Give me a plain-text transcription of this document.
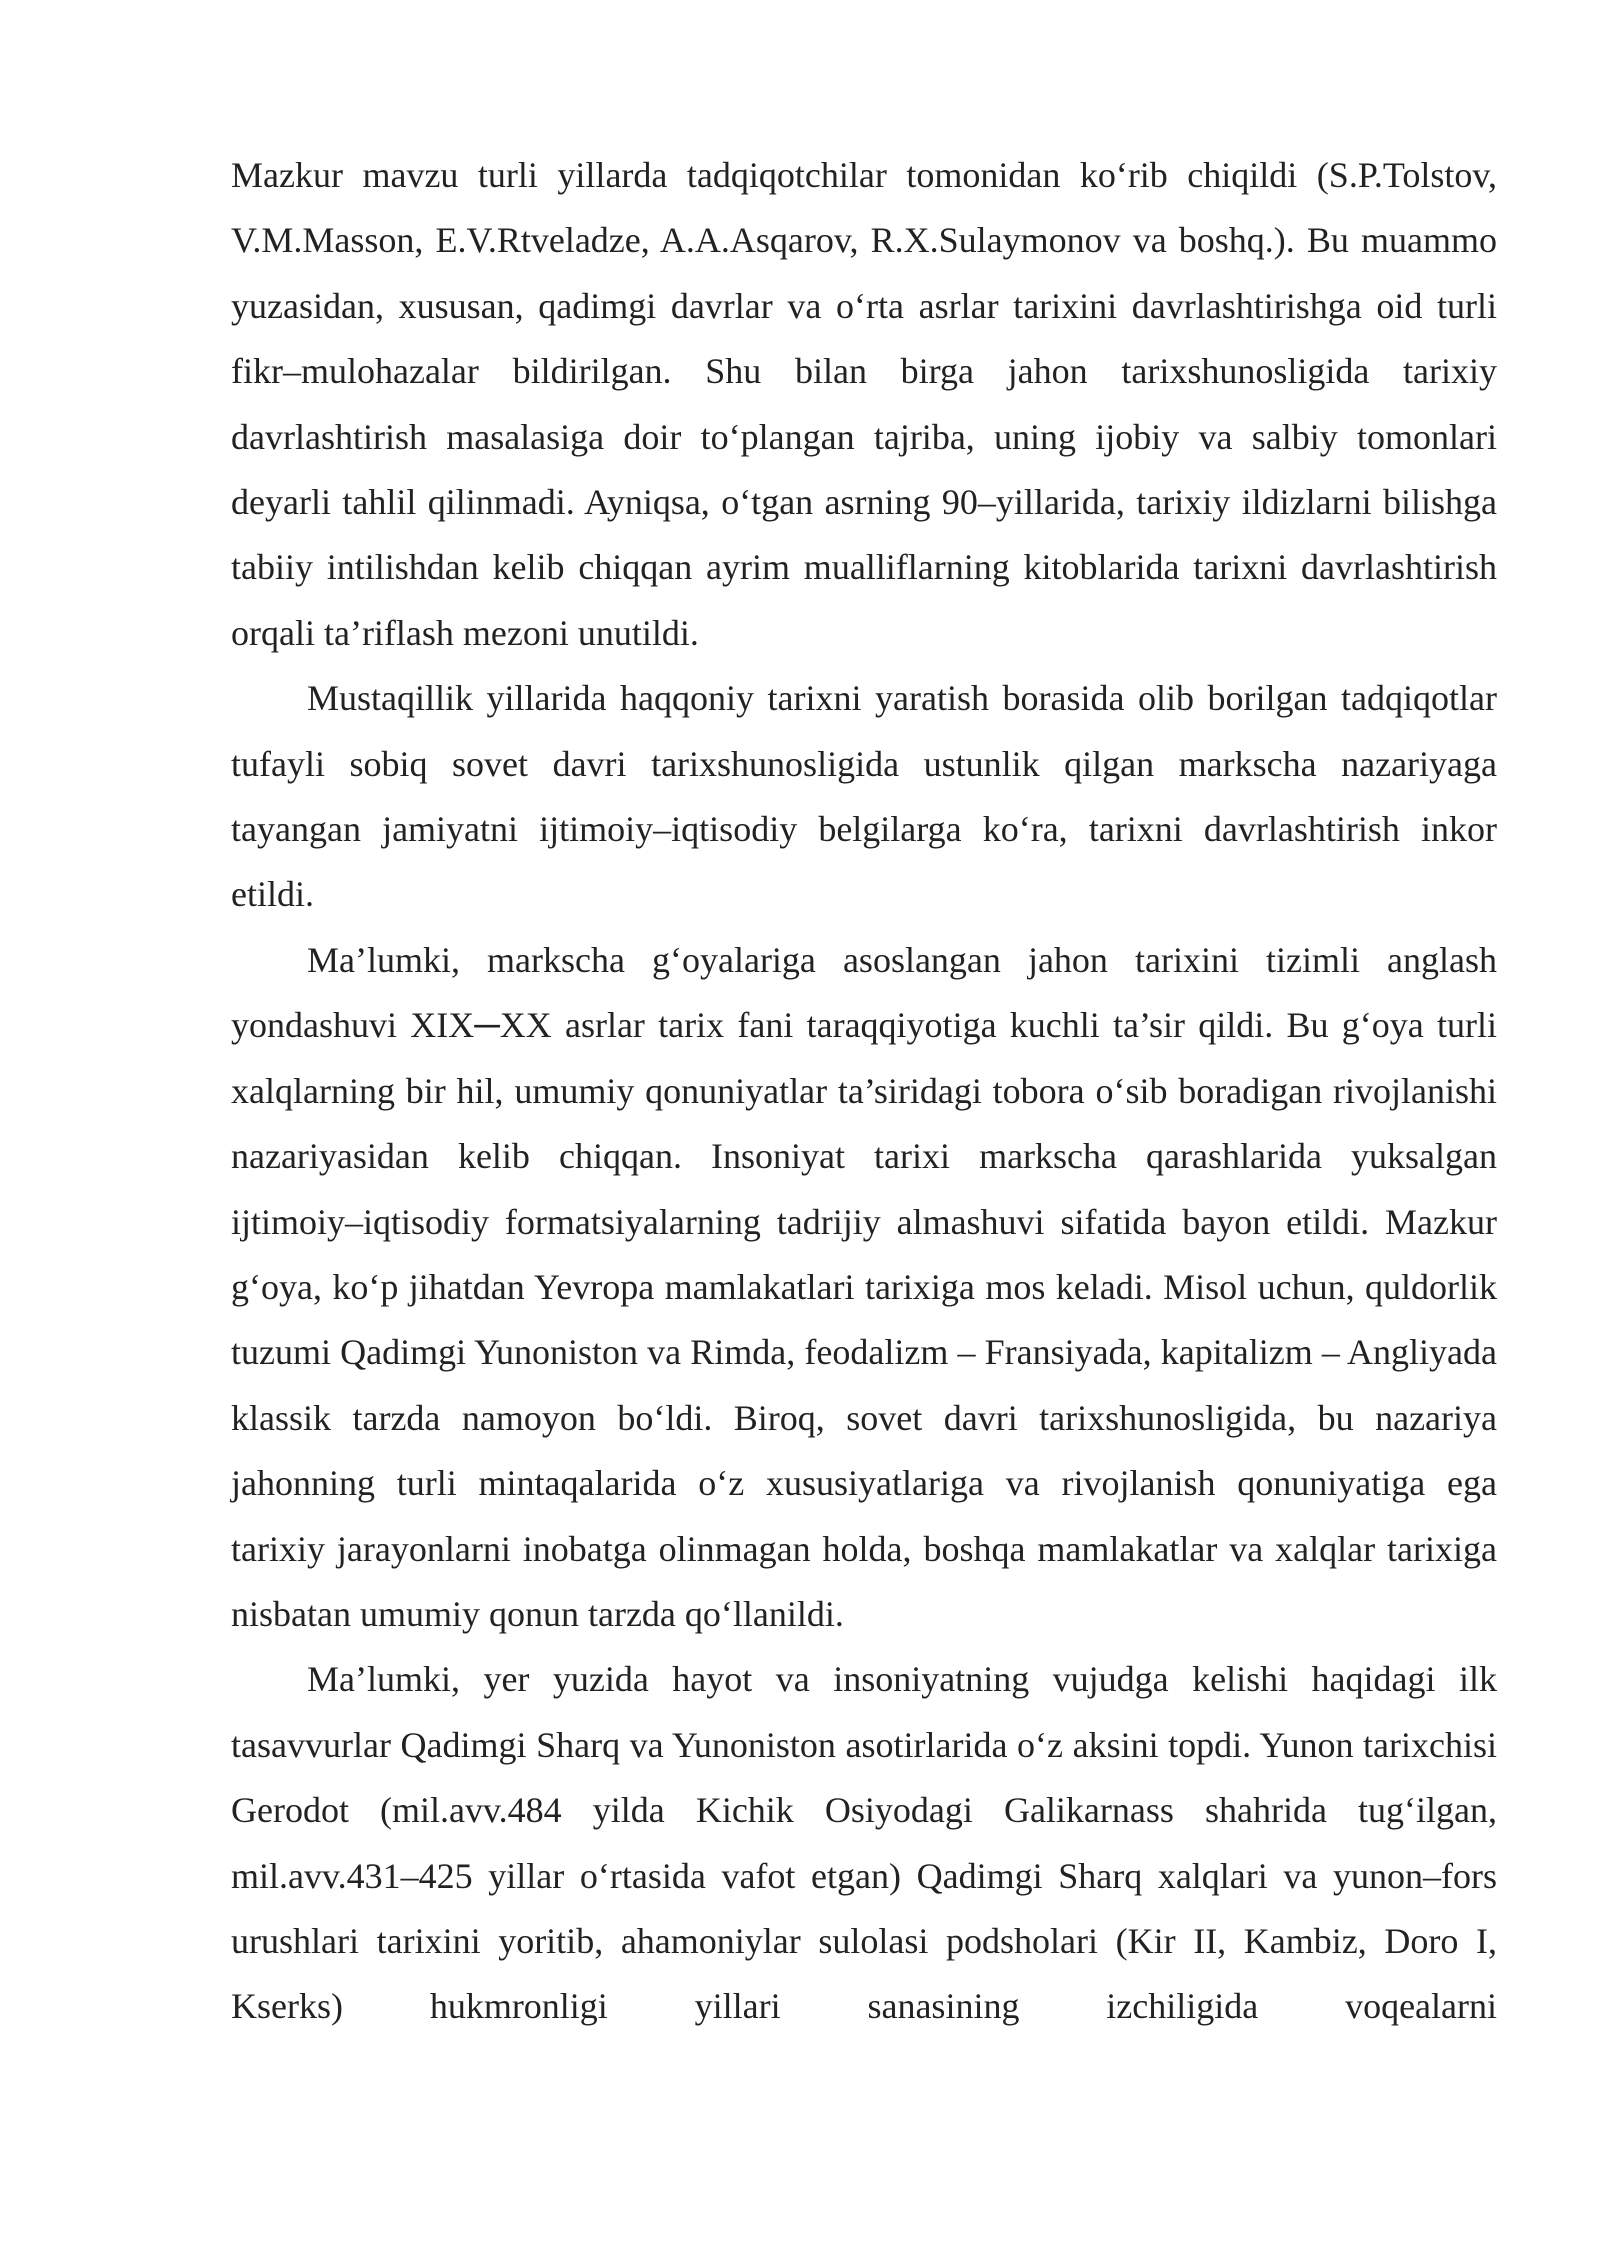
Mazkur mavzu turli yillarda tadqiqotchilar tomonidan ko‘rib chiqildi (S.P.Tolstov, V.M.Masson, E.V.Rtveladze, A.A.Asqarov, R.X.Sulaymonov va boshq.). Bu muammo yuzasidan, xususan, qadimgi davrlar va o‘rta asrlar tarixini davrlashtirishga oid turli fikr–mulohazalar bildirilgan. Shu bilan birga jahon tarixshunosligida tarixiy davrlashtirish masalasiga doir to‘plangan tajriba, uning ijobiy va salbiy tomonlari deyarli tahlil qilinmadi. Ayniqsa, o‘tgan asrning 90–yillarida, tarixiy ildizlarni bilishga tabiiy intilishdan kelib chiqqan ayrim mualliflarning kitoblarida tarixni davrlashtirish orqali ta’riflash mezoni unutildi.

Mustaqillik yillarida haqqoniy tarixni yaratish borasida olib borilgan tadqiqotlar tufayli sobiq sovet davri tarixshunosligida ustunlik qilgan markscha nazariyaga tayangan jamiyatni ijtimoiy–iqtisodiy belgilarga ko‘ra, tarixni davrlashtirish inkor etildi.

Ma’lumki, markscha g‘oyalariga asoslangan jahon tarixini tizimli anglash yondashuvi XIX─XX asrlar tarix fani taraqqiyotiga kuchli ta’sir qildi. Bu g‘oya turli xalqlarning bir hil, umumiy qonuniyatlar ta’siridagi tobora o‘sib boradigan rivojlanishi nazariyasidan kelib chiqqan. Insoniyat tarixi markscha qarashlarida yuksalgan ijtimoiy–iqtisodiy formatsiyalarning tadrijiy almashuvi sifatida bayon etildi. Mazkur g‘oya, ko‘p jihatdan Yevropa mamlakatlari tarixiga mos keladi. Misol uchun, quldorlik tuzumi Qadimgi Yunoniston va Rimda, feodalizm – Fransiyada, kapitalizm – Angliyada klassik tarzda namoyon bo‘ldi. Biroq, sovet davri tarixshunosligida, bu nazariya jahonning turli mintaqalarida o‘z xususiyatlariga va rivojlanish qonuniyatiga ega tarixiy jarayonlarni inobatga olinmagan holda, boshqa mamlakatlar va xalqlar tarixiga nisbatan umumiy qonun tarzda qo‘llanildi.

Ma’lumki, yer yuzida hayot va insoniyatning vujudga kelishi haqidagi ilk tasavvurlar Qadimgi Sharq va Yunoniston asotirlarida o‘z aksini topdi. Yunon tarixchisi Gerodot (mil.avv.484 yilda Kichik Osiyodagi Galikarnass shahrida tug‘ilgan, mil.avv.431–425 yillar o‘rtasida vafot etgan) Qadimgi Sharq xalqlari va yunon–fors urushlari tarixini yoritib, ahamoniylar sulolasi podsholari (Kir II, Kambiz, Doro I, Kserks) hukmronligi yillari sanasining izchiligida voqealarni
